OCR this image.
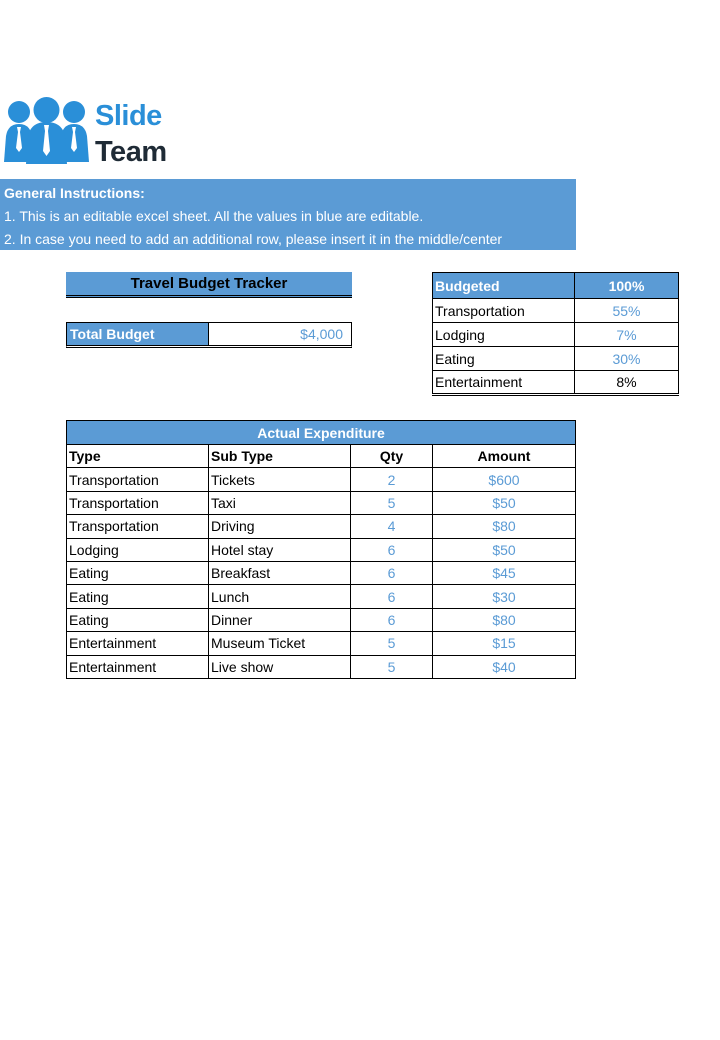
Slide
Team
General Instructions:
1. This is an editable excel sheet. All the values in blue are editable.
2. In case you need to add an additional row, please insert it in the middle/center
Travel Budget Tracker
Total Budget	$4,000
Budgeted	100%
Transportation	55%
Lodging	7%
Eating	30%
Entertainment	8%
Actual Expenditure			
Type	Sub Type	Qty	Amount
Transportation	Tickets	2	$600
Transportation	Taxi	5	$50
Transportation	Driving	4	$80
Lodging	Hotel stay	6	$50
Eating	Breakfast	6	$45
Eating	Lunch	6	$30
Eating	Dinner	6	$80
Entertainment	Museum Ticket	5	$15
Entertainment	Live show	5	$40
